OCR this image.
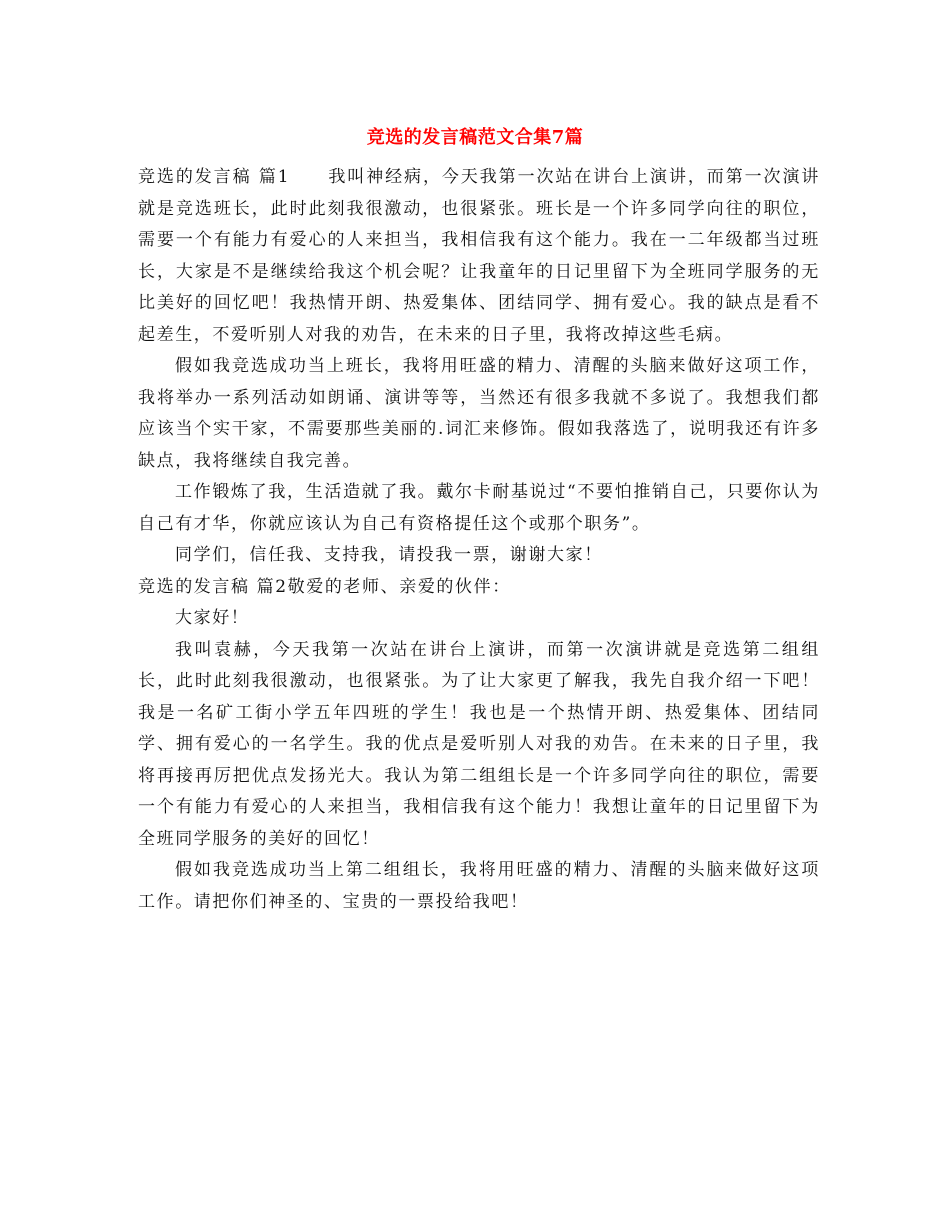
竞选的发言稿范文合集7篇

竞选的发言稿 篇1　　我叫神经病，今天我第一次站在讲台上演讲，而第一次演讲就是竞选班长，此时此刻我很激动，也很紧张。班长是一个许多同学向往的职位，需要一个有能力有爱心的人来担当，我相信我有这个能力。我在一二年级都当过班长，大家是不是继续给我这个机会呢？让我童年的日记里留下为全班同学服务的无比美好的回忆吧！我热情开朗、热爱集体、团结同学、拥有爱心。我的缺点是看不起差生，不爱听别人对我的劝告，在未来的日子里，我将改掉这些毛病。

假如我竞选成功当上班长，我将用旺盛的精力、清醒的头脑来做好这项工作，我将举办一系列活动如朗诵、演讲等等，当然还有很多我就不多说了。我想我们都应该当个实干家，不需要那些美丽的.词汇来修饰。假如我落选了，说明我还有许多缺点，我将继续自我完善。

工作锻炼了我，生活造就了我。戴尔卡耐基说过“不要怕推销自己，只要你认为自己有才华，你就应该认为自己有资格提任这个或那个职务”。

同学们，信任我、支持我，请投我一票，谢谢大家！

竞选的发言稿 篇2敬爱的老师、亲爱的伙伴：

大家好！

我叫袁赫，今天我第一次站在讲台上演讲，而第一次演讲就是竞选第二组组长，此时此刻我很激动，也很紧张。为了让大家更了解我，我先自我介绍一下吧！我是一名矿工街小学五年四班的学生！我也是一个热情开朗、热爱集体、团结同学、拥有爱心的一名学生。我的优点是爱听别人对我的劝告。在未来的日子里，我将再接再厉把优点发扬光大。我认为第二组组长是一个许多同学向往的职位，需要一个有能力有爱心的人来担当，我相信我有这个能力！我想让童年的日记里留下为全班同学服务的美好的回忆！

假如我竞选成功当上第二组组长，我将用旺盛的精力、清醒的头脑来做好这项工作。请把你们神圣的、宝贵的一票投给我吧！
